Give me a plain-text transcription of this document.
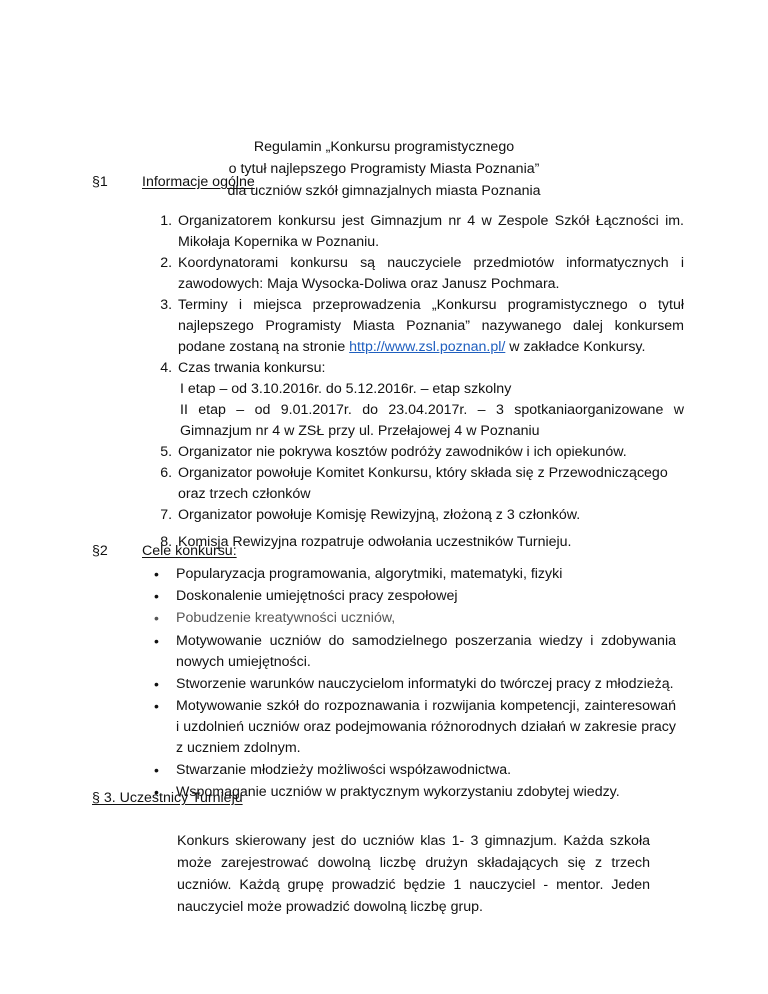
Regulamin „Konkursu programistycznego
o tytuł najlepszego Programisty Miasta Poznania”
dla uczniów szkół gimnazjalnych miasta Poznania
§1 Informacje ogólne
1. Organizatorem konkursu jest Gimnazjum nr 4 w Zespole Szkół Łączności im. Mikołaja Kopernika w Poznaniu.
2. Koordynatorami konkursu są nauczyciele przedmiotów informatycznych i zawodowych: Maja Wysocka-Doliwa oraz Janusz Pochmara.
3. Terminy i miejsca przeprowadzenia „Konkursu programistycznego o tytuł najlepszego Programisty Miasta Poznania” nazywanego dalej konkursem podane zostaną na stronie http://www.zsl.poznan.pl/ w zakładce Konkursy.
4. Czas trwania konkursu:
I etap – od 3.10.2016r. do 5.12.2016r. – etap szkolny
II etap – od 9.01.2017r. do 23.04.2017r. – 3 spotkaniaorganizowane w Gimnazjum nr 4 w ZSŁ przy ul. Przełajowej 4 w Poznaniu
5. Organizator nie pokrywa kosztów podróży zawodników i ich opiekunów.
6. Organizator powołuje Komitet Konkursu, który składa się z Przewodniczącego oraz trzech członków
7. Organizator powołuje Komisję Rewizyjną, złożoną z 3 członków.
8. Komisja Rewizyjna rozpatruje odwołania uczestników Turnieju.
§2 Cele konkursu:
• Popularyzacja programowania, algorytmiki, matematyki, fizyki
• Doskonalenie umiejętności pracy zespołowej
• Pobudzenie kreatywności uczniów,
• Motywowanie uczniów do samodzielnego poszerzania wiedzy i zdobywania nowych umiejętności.
• Stworzenie warunków nauczycielom informatyki do twórczej pracy z młodzieżą.
• Motywowanie szkół do rozpoznawania i rozwijania kompetencji, zainteresowań i uzdolnień uczniów oraz podejmowania różnorodnych działań w zakresie pracy z uczniem zdolnym.
• Stwarzanie młodzieży możliwości współzawodnictwa.
• Wspomaganie uczniów w praktycznym wykorzystaniu zdobytej wiedzy.
§ 3. Uczestnicy Turnieju
Konkurs skierowany jest do uczniów klas 1- 3 gimnazjum. Każda szkoła może zarejestrować dowolną liczbę drużyn składających się z trzech uczniów. Każdą grupę prowadzić będzie 1 nauczyciel - mentor. Jeden nauczyciel może prowadzić dowolną liczbę grup.
